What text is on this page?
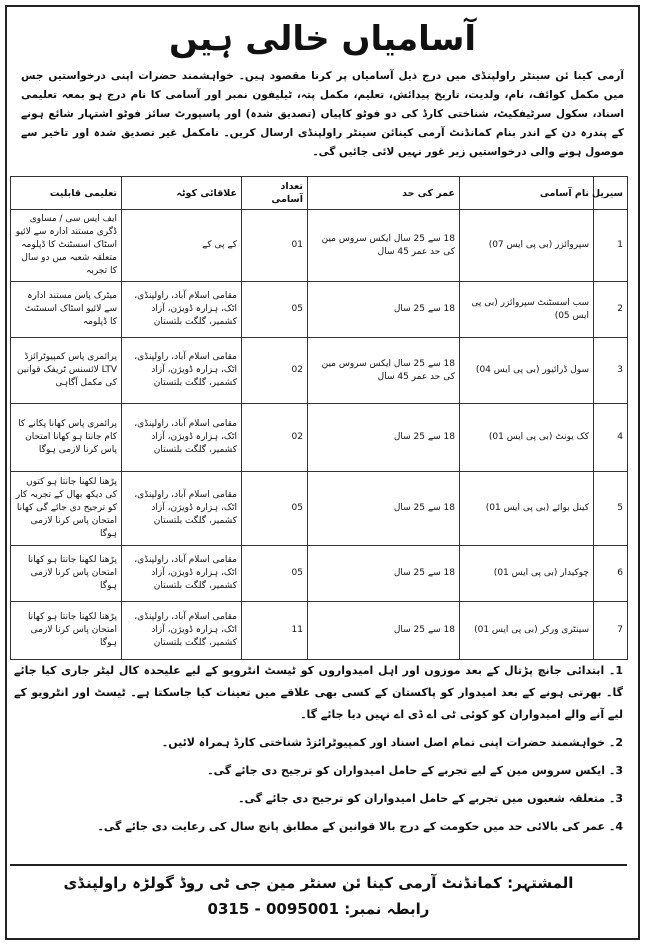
آسامیاں خالی ہیں

آرمی کینا ئن سینٹر راولپنڈی میں درج ذیل آسامیاں پر کرنا مقصود ہیں۔ خواہشمند حضرات اپنی درخواستیں جس میں مکمل کوائف، نام، ولدیت، تاریخ پیدائش، تعلیم، مکمل پتہ، ٹیلیفون نمبر اور آسامی کا نام درج ہو بمعہ تعلیمی اسناد، سکول سرٹیفکیٹ، شناختی کارڈ کی دو فوٹو کاپیاں (تصدیق شدہ) اور پاسپورٹ سائز فوٹو اشتہار شائع ہونے کے پندرہ دن کے اندر بنام کمانڈنٹ آرمی کینائن سینٹر راولپنڈی ارسال کریں۔ نامکمل غیر تصدیق شدہ اور تاخیر سے موصول ہونے والی درخواستیں زیر غور نہیں لائی جائیں گی۔

سیریل	نام آسامی	عمر کی حد	تعداد آسامی	علاقائی کوٹہ	تعلیمی قابلیت
1	سپروائزر (بی پی ایس 07)	18 سے 25 سال ایکس سروس مین کی حد عمر 45 سال	01	کے پی کے	ایف ایس سی / مساوی ڈگری مستند ادارہ سے لائیو اسٹاک اسسٹنٹ کا ڈپلومہ متعلقہ شعبہ میں دو سال کا تجربہ
2	سب اسسٹنٹ سپروائزر (بی پی ایس 05)	18 سے 25 سال	05	مقامی اسلام آباد، راولپنڈی، اٹک، ہزارہ ڈویژن، آزاد کشمیر، گلگت بلتستان	میٹرک پاس مستند ادارہ سے لائیو اسٹاک اسسٹنٹ کا ڈپلومہ
3	سول ڈرائیور (بی پی ایس 04)	18 سے 25 سال ایکس سروس مین کی حد عمر 45 سال	02	مقامی اسلام آباد، راولپنڈی، اٹک، ہزارہ ڈویژن، آزاد کشمیر، گلگت بلتستان	پرائمری پاس کمپیوٹرائزڈ LTV لائسنس ٹریفک قوانین کی مکمل آگاہی
4	کک یونٹ (بی پی ایس 01)	18 سے 25 سال	02	مقامی اسلام آباد، راولپنڈی، اٹک، ہزارہ ڈویژن، آزاد کشمیر، گلگت بلتستان	پرائمری پاس کھانا پکانے کا کام جانتا ہو کھانا امتحان پاس کرنا لازمی ہوگا
5	کینل بوائے (بی پی ایس 01)	18 سے 25 سال	05	مقامی اسلام آباد، راولپنڈی، اٹک، ہزارہ ڈویژن، آزاد کشمیر، گلگت بلتستان	پڑھنا لکھنا جانتا ہو کتوں کی دیکھ بھال کے تجربہ کار کو ترجیح دی جائے گی کھانا امتحان پاس کرنا لازمی ہوگا
6	چوکیدار (بی پی ایس 01)	18 سے 25 سال	05	مقامی اسلام آباد، راولپنڈی، اٹک، ہزارہ ڈویژن، آزاد کشمیر، گلگت بلتستان	پڑھنا لکھنا جانتا ہو کھانا امتحان پاس کرنا لازمی ہوگا
7	سینٹری ورکر (بی پی ایس 01)	18 سے 25 سال	11	مقامی اسلام آباد، راولپنڈی، اٹک، ہزارہ ڈویژن، آزاد کشمیر، گلگت بلتستان	پڑھنا لکھنا جانتا ہو کھانا امتحان پاس کرنا لازمی ہوگا

1۔ ابتدائی جانچ پڑتال کے بعد موزوں اور اہل امیدواروں کو ٹیسٹ انٹرویو کے لیے علیحدہ کال لیٹر جاری کیا جائے گا۔ بھرتی ہونے کے بعد امیدوار کو پاکستان کے کسی بھی علاقے میں تعینات کیا جاسکتا ہے۔ ٹیسٹ اور انٹرویو کے لیے آنے والے امیدواران کو کوئی ٹی اے ڈی اے نہیں دیا جائے گا۔

2۔ خواہشمند حضرات اپنی تمام اصل اسناد اور کمپیوٹرائزڈ شناختی کارڈ ہمراہ لائیں۔

3۔ ایکس سروس مین کے لیے تجربے کے حامل امیدواران کو ترجیح دی جائے گی۔

3۔ متعلقہ شعبوں میں تجربے کے حامل امیدواران کو ترجیح دی جائے گی۔

4۔ عمر کی بالائی حد میں حکومت کے درج بالا قوانین کے مطابق پانچ سال کی رعایت دی جائے گی۔

المشتہر: کمانڈنٹ آرمی کینا ئن سنٹر مین جی ٹی روڈ گولڑہ راولپنڈی
رابطہ نمبر: 0315 - 0095001
